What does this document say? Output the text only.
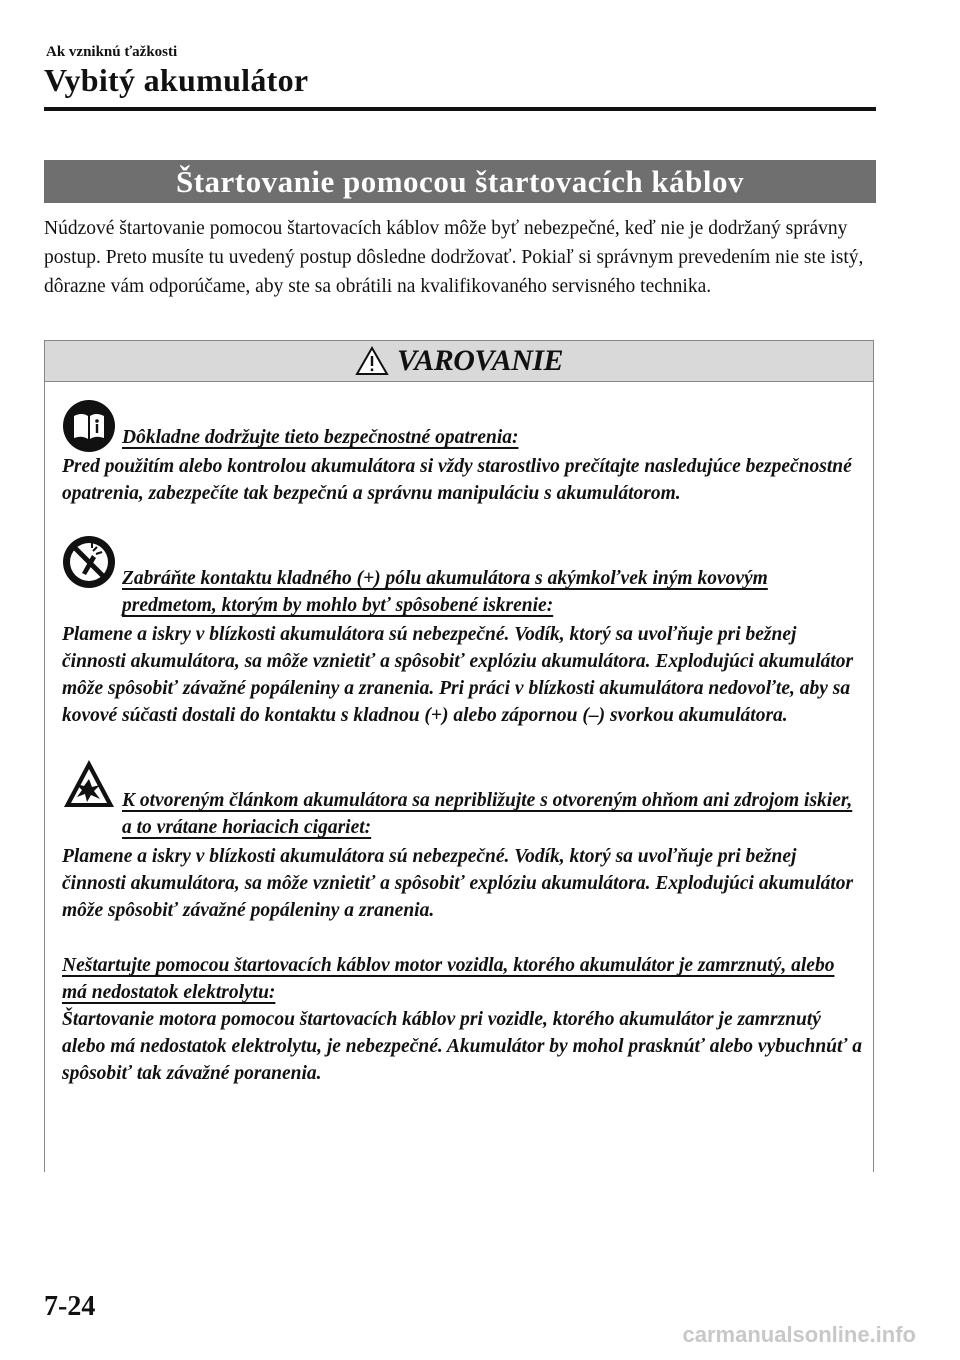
Ak vzniknú ťažkosti
Vybitý akumulátor
Štartovanie pomocou štartovacích káblov

Núdzové štartovanie pomocou štartovacích káblov môže byť nebezpečné, keď nie je dodržaný správny postup. Preto musíte tu uvedený postup dôsledne dodržovať. Pokiaľ si správnym prevedením nie ste istý, dôrazne vám odporúčame, aby ste sa obrátili na kvalifikovaného servisného technika.

VAROVANIE
Dôkladne dodržujte tieto bezpečnostné opatrenia:

Pred použitím alebo kontrolou akumulátora si vždy starostlivo prečítajte nasledujúce bezpečnostné opatrenia, zabezpečíte tak bezpečnú a správnu manipuláciu s akumulátorom.

Zabráňte kontaktu kladného (+) pólu akumulátora s akýmkoľvek iným kovovým predmetom, ktorým by mohlo byť spôsobené iskrenie:

Plamene a iskry v blízkosti akumulátora sú nebezpečné. Vodík, ktorý sa uvoľňuje pri bežnej činnosti akumulátora, sa môže vznietiť a spôsobiť explóziu akumulátora. Explodujúci akumulátor môže spôsobiť závažné popáleniny a zranenia. Pri práci v blízkosti akumulátora nedovoľte, aby sa kovové súčasti dostali do kontaktu s kladnou (+) alebo zápornou (–) svorkou akumulátora.

K otvoreným článkom akumulátora sa nepribližujte s otvoreným ohňom ani zdrojom iskier, a to vrátane horiacich cigariet:

Plamene a iskry v blízkosti akumulátora sú nebezpečné. Vodík, ktorý sa uvoľňuje pri bežnej činnosti akumulátora, sa môže vznietiť a spôsobiť explóziu akumulátora. Explodujúci akumulátor môže spôsobiť závažné popáleniny a zranenia.

Neštartujte pomocou štartovacích káblov motor vozidla, ktorého akumulátor je zamrznutý, alebo má nedostatok elektrolytu:

Štartovanie motora pomocou štartovacích káblov pri vozidle, ktorého akumulátor je zamrznutý alebo má nedostatok elektrolytu, je nebezpečné. Akumulátor by mohol prasknúť alebo vybuchnúť a spôsobiť tak závažné poranenia.

7-24
carmanualsonline.info
